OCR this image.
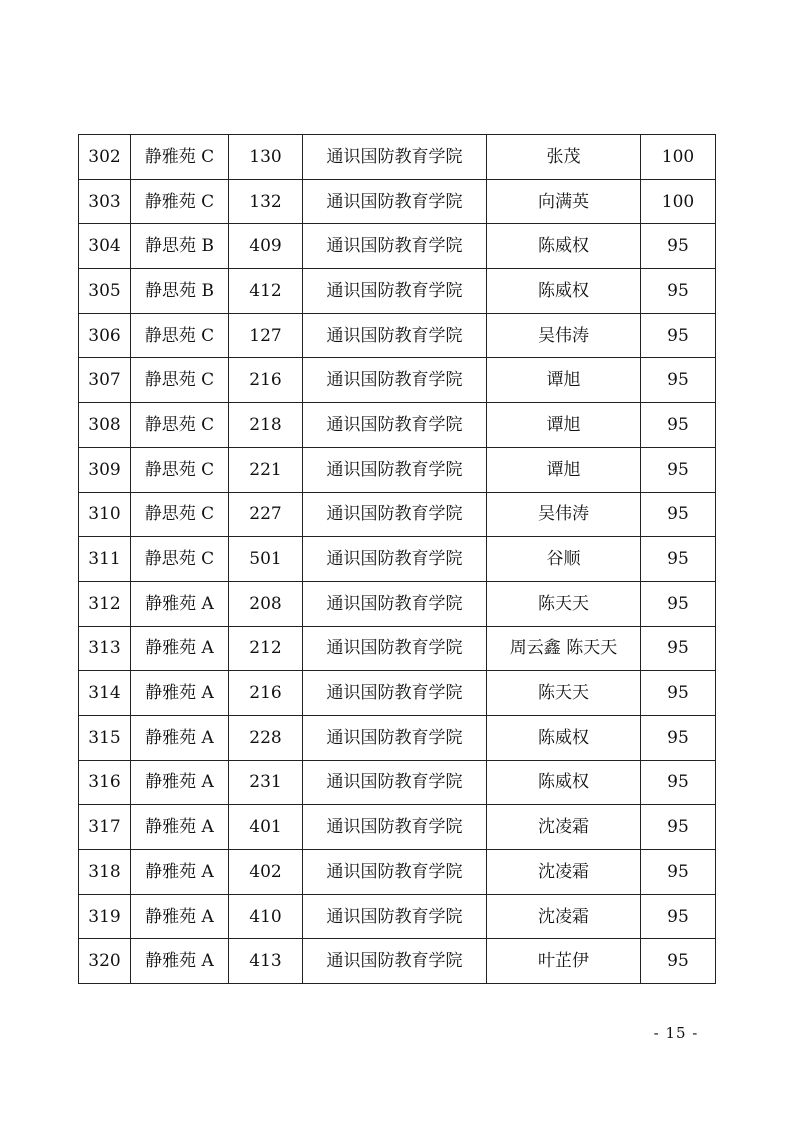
302	静雅苑 C	130	通识国防教育学院	张茂	100
303	静雅苑 C	132	通识国防教育学院	向满英	100
304	静思苑 B	409	通识国防教育学院	陈威权	95
305	静思苑 B	412	通识国防教育学院	陈威权	95
306	静思苑 C	127	通识国防教育学院	吴伟涛	95
307	静思苑 C	216	通识国防教育学院	谭旭	95
308	静思苑 C	218	通识国防教育学院	谭旭	95
309	静思苑 C	221	通识国防教育学院	谭旭	95
310	静思苑 C	227	通识国防教育学院	吴伟涛	95
311	静思苑 C	501	通识国防教育学院	谷顺	95
312	静雅苑 A	208	通识国防教育学院	陈天天	95
313	静雅苑 A	212	通识国防教育学院	周云鑫 陈天天	95
314	静雅苑 A	216	通识国防教育学院	陈天天	95
315	静雅苑 A	228	通识国防教育学院	陈威权	95
316	静雅苑 A	231	通识国防教育学院	陈威权	95
317	静雅苑 A	401	通识国防教育学院	沈凌霜	95
318	静雅苑 A	402	通识国防教育学院	沈凌霜	95
319	静雅苑 A	410	通识国防教育学院	沈凌霜	95
320	静雅苑 A	413	通识国防教育学院	叶芷伊	95
- 15 -
